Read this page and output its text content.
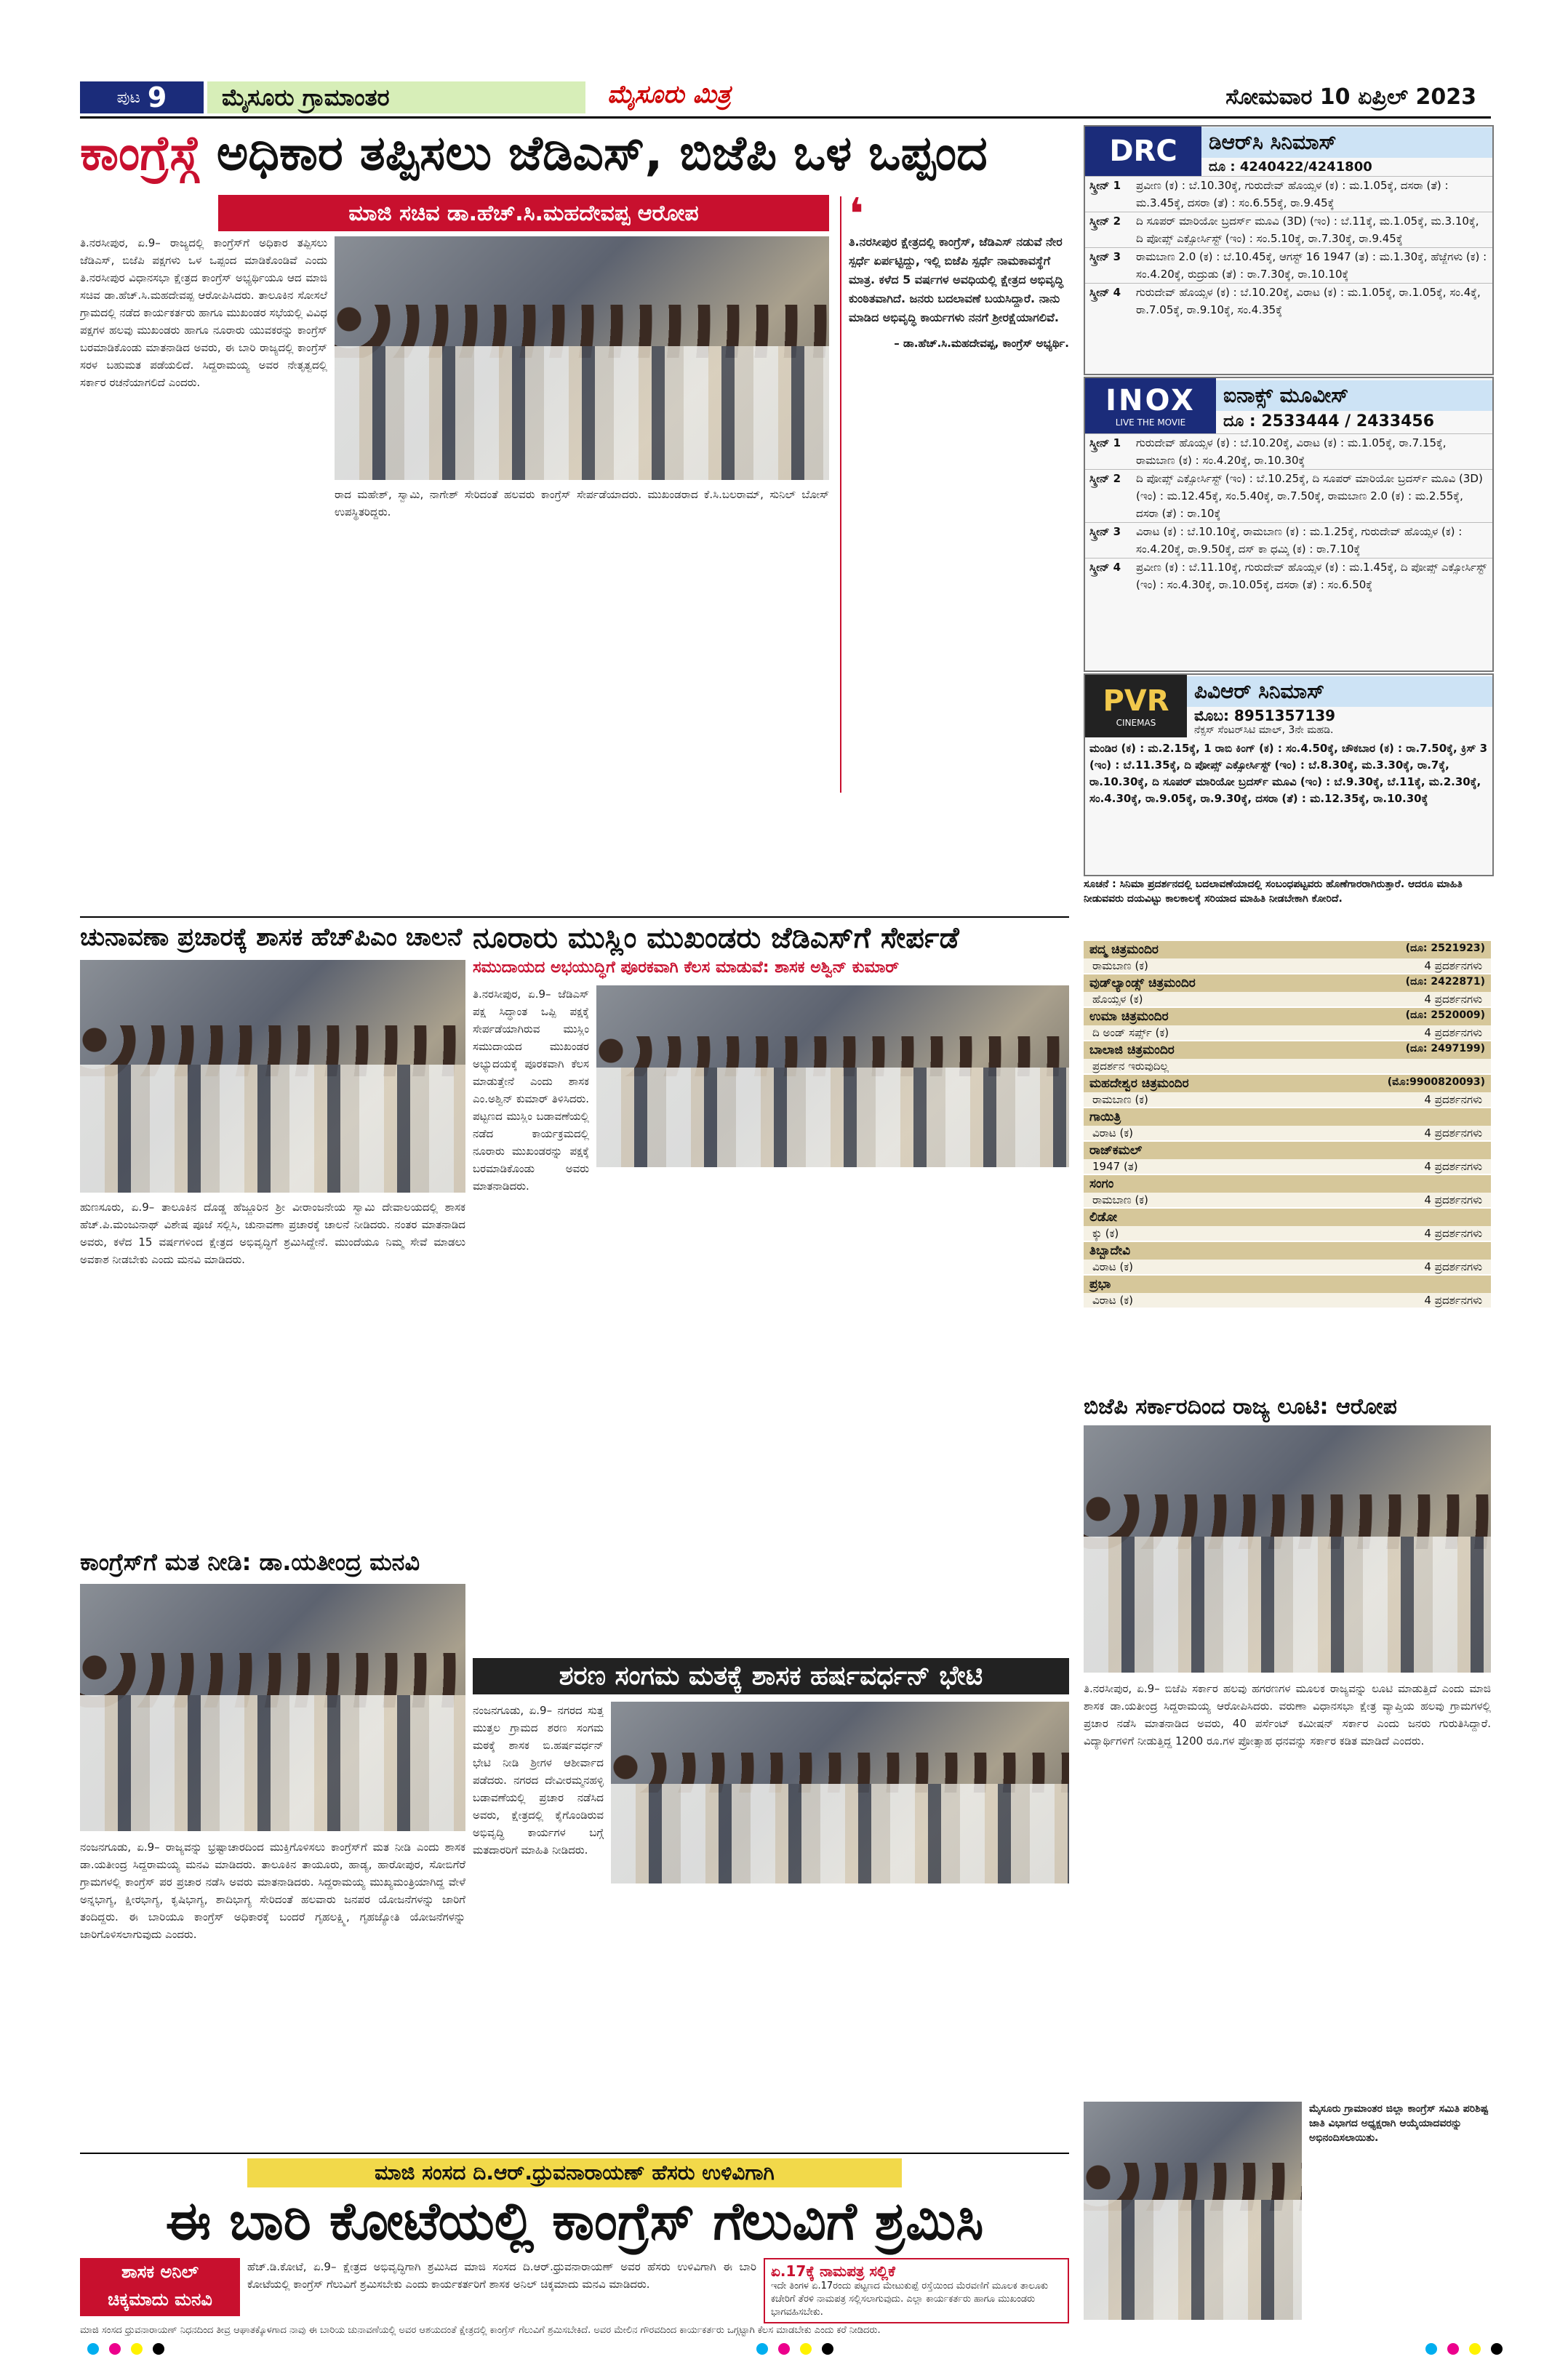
ಪುಟ 9	ಮೈಸೂರು ಗ್ರಾಮಾಂತರ	ಮೈಸೂರು ಮಿತ್ರ	ಸೋಮವಾರ 10 ಏಪ್ರಿಲ್ 2023
ಕಾಂಗ್ರೆಸ್ಗೆ ಅಧಿಕಾರ ತಪ್ಪಿಸಲು ಜೆಡಿಎಸ್, ಬಿಜೆಪಿ ಒಳ ಒಪ್ಪಂದ
ಮಾಜಿ ಸಚಿವ ಡಾ.ಹೆಚ್.ಸಿ.ಮಹದೇವಪ್ಪ ಆರೋಪ
ತಿ.ನರಸೀಪುರ, ಏ.9– ರಾಜ್ಯದಲ್ಲಿ ಕಾಂಗ್ರೆಸ್‌ಗೆ ಅಧಿಕಾರ ತಪ್ಪಿಸಲು ಜೆಡಿಎಸ್, ಬಿಜೆಪಿ ಪಕ್ಷಗಳು ಒಳ ಒಪ್ಪಂದ ಮಾಡಿಕೊಂಡಿವೆ ಎಂದು ತಿ.ನರಸೀಪುರ ವಿಧಾನಸಭಾ ಕ್ಷೇತ್ರದ ಕಾಂಗ್ರೆಸ್ ಅಭ್ಯರ್ಥಿಯೂ ಆದ ಮಾಜಿ ಸಚಿವ ಡಾ.ಹೆಚ್.ಸಿ.ಮಹದೇವಪ್ಪ ಆರೋಪಿಸಿದರು. ತಾಲೂಕಿನ ಸೋಸಲೆ ಗ್ರಾಮದಲ್ಲಿ ನಡೆದ ಕಾರ್ಯಕರ್ತರು ಹಾಗೂ ಮುಖಂಡರ ಸಭೆಯಲ್ಲಿ ವಿವಿಧ ಪಕ್ಷಗಳ ಹಲವು ಮುಖಂಡರು ಹಾಗೂ ನೂರಾರು ಯುವಕರನ್ನು ಕಾಂಗ್ರೆಸ್ ಬರಮಾಡಿಕೊಂಡು ಮಾತನಾಡಿದ ಅವರು, ಈ ಬಾರಿ ರಾಜ್ಯದಲ್ಲಿ ಕಾಂಗ್ರೆಸ್ ಸರಳ ಬಹುಮತ ಪಡೆಯಲಿದೆ. ಸಿದ್ದರಾಮಯ್ಯ ಅವರ ನೇತೃತ್ವದಲ್ಲಿ ಸರ್ಕಾರ ರಚನೆಯಾಗಲಿದೆ ಎಂದರು.
ರಾದ ಮಹೇಶ್, ಸ್ವಾಮಿ, ನಾಗೇಶ್ ಸೇರಿದಂತೆ ಹಲವರು ಕಾಂಗ್ರೆಸ್ ಸೇರ್ಪಡೆಯಾದರು. ಮುಖಂಡರಾದ ಕೆ.ಸಿ.ಬಲರಾಮ್, ಸುನಿಲ್ ಬೋಸ್ ಉಪಸ್ಥಿತರಿದ್ದರು.
❛
ತಿ.ನರಸೀಪುರ ಕ್ಷೇತ್ರದಲ್ಲಿ ಕಾಂಗ್ರೆಸ್, ಜೆಡಿಎಸ್ ನಡುವೆ ನೇರ ಸ್ಪರ್ಧೆ ಏರ್ಪಟ್ಟಿದ್ದು, ಇಲ್ಲಿ ಬಿಜೆಪಿ ಸ್ಪರ್ಧೆ ನಾಮಕಾವಸ್ಥೆಗೆ ಮಾತ್ರ. ಕಳೆದ 5 ವರ್ಷಗಳ ಅವಧಿಯಲ್ಲಿ ಕ್ಷೇತ್ರದ ಅಭಿವೃದ್ಧಿ ಕುಂಠಿತವಾಗಿದೆ. ಜನರು ಬದಲಾವಣೆ ಬಯಸಿದ್ದಾರೆ. ನಾನು ಮಾಡಿದ ಅಭಿವೃದ್ಧಿ ಕಾರ್ಯಗಳು ನನಗೆ ಶ್ರೀರಕ್ಷೆಯಾಗಲಿವೆ.
– ಡಾ.ಹೆಚ್.ಸಿ.ಮಹದೇವಪ್ಪ, ಕಾಂಗ್ರೆಸ್ ಅಭ್ಯರ್ಥಿ.
ಚುನಾವಣಾ ಪ್ರಚಾರಕ್ಕೆ ಶಾಸಕ ಹೆಚ್‌ಪಿಎಂ ಚಾಲನೆ
ಹುಣಸೂರು, ಏ.9– ತಾಲೂಕಿನ ದೊಡ್ಡ ಹೆಜ್ಜೂರಿನ ಶ್ರೀ ವೀರಾಂಜನೇಯ ಸ್ವಾಮಿ ದೇವಾಲಯದಲ್ಲಿ ಶಾಸಕ ಹೆಚ್.ಪಿ.ಮಂಜುನಾಥ್ ವಿಶೇಷ ಪೂಜೆ ಸಲ್ಲಿಸಿ, ಚುನಾವಣಾ ಪ್ರಚಾರಕ್ಕೆ ಚಾಲನೆ ನೀಡಿದರು. ನಂತರ ಮಾತನಾಡಿದ ಅವರು, ಕಳೆದ 15 ವರ್ಷಗಳಿಂದ ಕ್ಷೇತ್ರದ ಅಭಿವೃದ್ಧಿಗೆ ಶ್ರಮಿಸಿದ್ದೇನೆ. ಮುಂದೆಯೂ ನಿಮ್ಮ ಸೇವೆ ಮಾಡಲು ಅವಕಾಶ ನೀಡಬೇಕು ಎಂದು ಮನವಿ ಮಾಡಿದರು.
ನೂರಾರು ಮುಸ್ಲಿಂ ಮುಖಂಡರು ಜೆಡಿಎಸ್‌ಗೆ ಸೇರ್ಪಡೆ
ಸಮುದಾಯದ ಅಭಯುದ್ಧಿಗೆ ಪೂರಕವಾಗಿ ಕೆಲಸ ಮಾಡುವೆ: ಶಾಸಕ ಅಶ್ವಿನ್ ಕುಮಾರ್
ತಿ.ನರಸೀಪುರ, ಏ.9– ಜೆಡಿಎಸ್ ಪಕ್ಷ ಸಿದ್ಧಾಂತ ಒಪ್ಪಿ ಪಕ್ಷಕ್ಕೆ ಸೇರ್ಪಡೆಯಾಗಿರುವ ಮುಸ್ಲಿಂ ಸಮುದಾಯದ ಮುಖಂಡರ ಅಭ್ಯುದಯಕ್ಕೆ ಪೂರಕವಾಗಿ ಕೆಲಸ ಮಾಡುತ್ತೇನೆ ಎಂದು ಶಾಸಕ ಎಂ.ಅಶ್ವಿನ್ ಕುಮಾರ್ ತಿಳಿಸಿದರು. ಪಟ್ಟಣದ ಮುಸ್ಲಿಂ ಬಡಾವಣೆಯಲ್ಲಿ ನಡೆದ ಕಾರ್ಯಕ್ರಮದಲ್ಲಿ ನೂರಾರು ಮುಖಂಡರನ್ನು ಪಕ್ಷಕ್ಕೆ ಬರಮಾಡಿಕೊಂಡು ಅವರು ಮಾತನಾಡಿದರು.
ಕಾಂಗ್ರೆಸ್‌ಗೆ ಮತ ನೀಡಿ: ಡಾ.ಯತೀಂದ್ರ ಮನವಿ
ನಂಜನಗೂಡು, ಏ.9– ರಾಜ್ಯವನ್ನು ಭ್ರಷ್ಟಾಚಾರದಿಂದ ಮುಕ್ತಿಗೊಳಿಸಲು ಕಾಂಗ್ರೆಸ್‌ಗೆ ಮತ ನೀಡಿ ಎಂದು ಶಾಸಕ ಡಾ.ಯತೀಂದ್ರ ಸಿದ್ದರಾಮಯ್ಯ ಮನವಿ ಮಾಡಿದರು. ತಾಲೂಕಿನ ತಾಯೂರು, ಹಾಡ್ಯ, ಹಾರೋಪುರ, ಸೋಬಿಗೆರೆ ಗ್ರಾಮಗಳಲ್ಲಿ ಕಾಂಗ್ರೆಸ್ ಪರ ಪ್ರಚಾರ ನಡೆಸಿ ಅವರು ಮಾತನಾಡಿದರು. ಸಿದ್ದರಾಮಯ್ಯ ಮುಖ್ಯಮಂತ್ರಿಯಾಗಿದ್ದ ವೇಳೆ ಅನ್ನಭಾಗ್ಯ, ಕ್ಷೀರಭಾಗ್ಯ, ಕೃಷಿಭಾಗ್ಯ, ಶಾದಿಭಾಗ್ಯ ಸೇರಿದಂತೆ ಹಲವಾರು ಜನಪರ ಯೋಜನೆಗಳನ್ನು ಜಾರಿಗೆ ತಂದಿದ್ದರು. ಈ ಬಾರಿಯೂ ಕಾಂಗ್ರೆಸ್ ಅಧಿಕಾರಕ್ಕೆ ಬಂದರೆ ಗೃಹಲಕ್ಷ್ಮಿ, ಗೃಹಜ್ಯೋತಿ ಯೋಜನೆಗಳನ್ನು ಜಾರಿಗೊಳಿಸಲಾಗುವುದು ಎಂದರು.
ಶರಣ ಸಂಗಮ ಮತಕ್ಕೆ ಶಾಸಕ ಹರ್ಷವರ್ಧನ್ ಭೇಟಿ
ನಂಜನಗೂಡು, ಏ.9– ನಗರದ ಸುತ್ತ ಮುತ್ತಲ ಗ್ರಾಮದ ಶರಣ ಸಂಗಮ ಮಠಕ್ಕೆ ಶಾಸಕ ಬಿ.ಹರ್ಷವರ್ಧನ್ ಭೇಟಿ ನೀಡಿ ಶ್ರೀಗಳ ಆಶೀರ್ವಾದ ಪಡೆದರು. ನಗರದ ದೇವೀರಮ್ಮನಹಳ್ಳಿ ಬಡಾವಣೆಯಲ್ಲಿ ಪ್ರಚಾರ ನಡೆಸಿದ ಅವರು, ಕ್ಷೇತ್ರದಲ್ಲಿ ಕೈಗೊಂಡಿರುವ ಅಭಿವೃದ್ಧಿ ಕಾರ್ಯಗಳ ಬಗ್ಗೆ ಮತದಾರರಿಗೆ ಮಾಹಿತಿ ನೀಡಿದರು.
ಬಿಜೆಪಿ ಸರ್ಕಾರದಿಂದ ರಾಜ್ಯ ಲೂಟಿ: ಆರೋಪ
ತಿ.ನರಸೀಪುರ, ಏ.9– ಬಿಜೆಪಿ ಸರ್ಕಾರ ಹಲವು ಹಗರಣಗಳ ಮೂಲಕ ರಾಜ್ಯವನ್ನು ಲೂಟಿ ಮಾಡುತ್ತಿದೆ ಎಂದು ಮಾಜಿ ಶಾಸಕ ಡಾ.ಯತೀಂದ್ರ ಸಿದ್ದರಾಮಯ್ಯ ಆರೋಪಿಸಿದರು. ವರುಣಾ ವಿಧಾನಸಭಾ ಕ್ಷೇತ್ರ ವ್ಯಾಪ್ತಿಯ ಹಲವು ಗ್ರಾಮಗಳಲ್ಲಿ ಪ್ರಚಾರ ನಡೆಸಿ ಮಾತನಾಡಿದ ಅವರು, 40 ಪರ್ಸೆಂಟ್ ಕಮೀಷನ್ ಸರ್ಕಾರ ಎಂದು ಜನರು ಗುರುತಿಸಿದ್ದಾರೆ. ವಿದ್ಯಾರ್ಥಿಗಳಿಗೆ ನೀಡುತ್ತಿದ್ದ 1200 ರೂ.ಗಳ ಪ್ರೋತ್ಸಾಹ ಧನವನ್ನು ಸರ್ಕಾರ ಕಡಿತ ಮಾಡಿದೆ ಎಂದರು.
ಮಾಜಿ ಸಂಸದ ದಿ.ಆರ್.ಧ್ರುವನಾರಾಯಣ್ ಹೆಸರು ಉಳಿವಿಗಾಗಿ
ಈ ಬಾರಿ ಕೋಟೆಯಲ್ಲಿ ಕಾಂಗ್ರೆಸ್ ಗೆಲುವಿಗೆ ಶ್ರಮಿಸಿ
ಶಾಸಕ ಅನಿಲ್
ಚಿಕ್ಕಮಾದು ಮನವಿ
ಹೆಚ್.ಡಿ.ಕೋಟೆ, ಏ.9– ಕ್ಷೇತ್ರದ ಅಭಿವೃದ್ಧಿಗಾಗಿ ಶ್ರಮಿಸಿದ ಮಾಜಿ ಸಂಸದ ದಿ.ಆರ್.ಧ್ರುವನಾರಾಯಣ್ ಅವರ ಹೆಸರು ಉಳಿವಿಗಾಗಿ ಈ ಬಾರಿ ಕೋಟೆಯಲ್ಲಿ ಕಾಂಗ್ರೆಸ್ ಗೆಲುವಿಗೆ ಶ್ರಮಿಸಬೇಕು ಎಂದು ಕಾರ್ಯಕರ್ತರಿಗೆ ಶಾಸಕ ಅನಿಲ್ ಚಿಕ್ಕಮಾದು ಮನವಿ ಮಾಡಿದರು.
ಏ.17ಕ್ಕೆ ನಾಮಪತ್ರ ಸಲ್ಲಿಕೆ
ಇದೇ ತಿಂಗಳ ಏ.17ರಂದು ಪಟ್ಟಣದ ಮೇಟುಕುಪ್ಪೆ ರಸ್ತೆಯಿಂದ ಮೆರವಣಿಗೆ ಮೂಲಕ ತಾಲೂಕು ಕಚೇರಿಗೆ ತೆರಳಿ ನಾಮಪತ್ರ ಸಲ್ಲಿಸಲಾಗುವುದು. ಎಲ್ಲಾ ಕಾರ್ಯಕರ್ತರು ಹಾಗೂ ಮುಖಂಡರು ಭಾಗವಹಿಸಬೇಕು.
ಮಾಜಿ ಸಂಸದ ಧ್ರುವನಾರಾಯಣ್ ನಿಧನದಿಂದ ತೀವ್ರ ಆಘಾತಕ್ಕೊಳಗಾದ ನಾವು ಈ ಬಾರಿಯ ಚುನಾವಣೆಯಲ್ಲಿ ಅವರ ಆಶಯದಂತೆ ಕ್ಷೇತ್ರದಲ್ಲಿ ಕಾಂಗ್ರೆಸ್ ಗೆಲುವಿಗೆ ಶ್ರಮಿಸಬೇಕಿದೆ. ಅವರ ಮೇಲಿನ ಗೌರವದಿಂದ ಕಾರ್ಯಕರ್ತರು ಒಗ್ಗಟ್ಟಾಗಿ ಕೆಲಸ ಮಾಡಬೇಕು ಎಂದು ಕರೆ ನೀಡಿದರು.
ಮೈಸೂರು ಗ್ರಾಮಾಂತರ ಜಿಲ್ಲಾ ಕಾಂಗ್ರೆಸ್ ಸಮಿತಿ ಪರಿಶಿಷ್ಟ ಜಾತಿ ವಿಭಾಗದ ಅಧ್ಯಕ್ಷರಾಗಿ ಆಯ್ಕೆಯಾದವರನ್ನು ಅಭಿನಂದಿಸಲಾಯಿತು.
DRC	ಡಿಆರ್‌ಸಿ ಸಿನಿಮಾಸ್
ದೂ : 4240422/4241800
ಸ್ಕ್ರೀನ್ 1	ಪ್ರವೀಣ (ಕ) : ಬೆ.10.30ಕ್ಕೆ, ಗುರುದೇವ್ ಹೊಯ್ಸಳ (ಕ) : ಮ.1.05ಕ್ಕೆ, ದಸರಾ (ತೆ) : ಮ.3.45ಕ್ಕೆ, ದಸರಾ (ತೆ) : ಸಂ.6.55ಕ್ಕೆ, ರಾ.9.45ಕ್ಕೆ
ಸ್ಕ್ರೀನ್ 2	ದಿ ಸೂಪರ್ ಮಾರಿಯೋ ಬ್ರದರ್ಸ್ ಮೂವಿ (3D) (ಇಂ) : ಬೆ.11ಕ್ಕೆ, ಮ.1.05ಕ್ಕೆ, ಮ.3.10ಕ್ಕೆ, ದಿ ಪೋಪ್ಸ್ ಎಕ್ಸೋರ್ಸಿಸ್ಟ್ (ಇಂ) : ಸಂ.5.10ಕ್ಕೆ, ರಾ.7.30ಕ್ಕೆ, ರಾ.9.45ಕ್ಕೆ
ಸ್ಕ್ರೀನ್ 3	ರಾಮಬಾಣ 2.0 (ಕ) : ಬೆ.10.45ಕ್ಕೆ, ಆಗಸ್ಟ್ 16 1947 (ತ) : ಮ.1.30ಕ್ಕೆ, ಹೆಜ್ಜೆಗಳು (ಕ) : ಸಂ.4.20ಕ್ಕೆ, ರುದ್ರುಡು (ತೆ) : ರಾ.7.30ಕ್ಕೆ, ರಾ.10.10ಕ್ಕೆ
ಸ್ಕ್ರೀನ್ 4	ಗುರುದೇವ್ ಹೊಯ್ಸಳ (ಕ) : ಬೆ.10.20ಕ್ಕೆ, ವಿರಾಟ (ಕ) : ಮ.1.05ಕ್ಕೆ, ರಾ.1.05ಕ್ಕೆ, ಸಂ.4ಕ್ಕೆ, ರಾ.7.05ಕ್ಕೆ, ರಾ.9.10ಕ್ಕೆ, ಸಂ.4.35ಕ್ಕೆ
INOX
LIVE THE MOVIE
ಐನಾಕ್ಸ್ ಮೂವೀಸ್
ದೂ : 2533444 / 2433456
ಸ್ಕ್ರೀನ್ 1	ಗುರುದೇವ್ ಹೊಯ್ಸಳ (ಕ) : ಬೆ.10.20ಕ್ಕೆ, ವಿರಾಟ (ಕ) : ಮ.1.05ಕ್ಕೆ, ರಾ.7.15ಕ್ಕೆ, ರಾಮಬಾಣ (ಕ) : ಸಂ.4.20ಕ್ಕೆ, ರಾ.10.30ಕ್ಕೆ
ಸ್ಕ್ರೀನ್ 2	ದಿ ಪೋಪ್ಸ್ ಎಕ್ಸೋರ್ಸಿಸ್ಟ್ (ಇಂ) : ಬೆ.10.25ಕ್ಕೆ, ದಿ ಸೂಪರ್ ಮಾರಿಯೋ ಬ್ರದರ್ಸ್ ಮೂವಿ (3D) (ಇಂ) : ಮ.12.45ಕ್ಕೆ, ಸಂ.5.40ಕ್ಕೆ, ರಾ.7.50ಕ್ಕೆ, ರಾಮಬಾಣ 2.0 (ಕ) : ಮ.2.55ಕ್ಕೆ, ದಸರಾ (ತೆ) : ರಾ.10ಕ್ಕೆ
ಸ್ಕ್ರೀನ್ 3	ವಿರಾಟ (ಕ) : ಬೆ.10.10ಕ್ಕೆ, ರಾಮಬಾಣ (ಕ) : ಮ.1.25ಕ್ಕೆ, ಗುರುದೇವ್ ಹೊಯ್ಸಳ (ಕ) : ಸಂ.4.20ಕ್ಕೆ, ರಾ.9.50ಕ್ಕೆ, ದಸ್ ಕಾ ಧಮ್ಕಿ (ಕ) : ರಾ.7.10ಕ್ಕೆ
ಸ್ಕ್ರೀನ್ 4	ಪ್ರವೀಣ (ಕ) : ಬೆ.11.10ಕ್ಕೆ, ಗುರುದೇವ್ ಹೊಯ್ಸಳ (ಕ) : ಮ.1.45ಕ್ಕೆ, ದಿ ಪೋಪ್ಸ್ ಎಕ್ಸೋರ್ಸಿಸ್ಟ್ (ಇಂ) : ಸಂ.4.30ಕ್ಕೆ, ರಾ.10.05ಕ್ಕೆ, ದಸರಾ (ತೆ) : ಸಂ.6.50ಕ್ಕೆ
PVR
CINEMAS
ಪಿವಿಆರ್ ಸಿನಿಮಾಸ್
ಮೊಬ: 8951357139
ನೆಕ್ಸಸ್ ಸೆಂಟರ್‌ಸಿಟಿ ಮಾಲ್, 3ನೇ ಮಹಡಿ.
ಮಂಡಿರ (ಕ) : ಮ.2.15ಕ್ಕೆ, 1 ರಾಬಿ ಕಿಂಗ್ (ಕ) : ಸಂ.4.50ಕ್ಕೆ, ಚೌಕಬಾರ (ಕ) : ರಾ.7.50ಕ್ಕೆ, ಕ್ರಿಸ್ 3 (ಇಂ) : ಬೆ.11.35ಕ್ಕೆ, ದಿ ಪೋಪ್ಸ್ ಎಕ್ಸೋರ್ಸಿಸ್ಟ್ (ಇಂ) : ಬೆ.8.30ಕ್ಕೆ, ಮ.3.30ಕ್ಕೆ, ರಾ.7ಕ್ಕೆ, ರಾ.10.30ಕ್ಕೆ, ದಿ ಸೂಪರ್ ಮಾರಿಯೋ ಬ್ರದರ್ಸ್ ಮೂವಿ (ಇಂ) : ಬೆ.9.30ಕ್ಕೆ, ಬೆ.11ಕ್ಕೆ, ಮ.2.30ಕ್ಕೆ, ಸಂ.4.30ಕ್ಕೆ, ರಾ.9.05ಕ್ಕೆ, ರಾ.9.30ಕ್ಕೆ, ದಸರಾ (ತೆ) : ಮ.12.35ಕ್ಕೆ, ರಾ.10.30ಕ್ಕೆ
ಸೂಚನೆ : ಸಿನಿಮಾ ಪ್ರದರ್ಶನದಲ್ಲಿ ಬದಲಾವಣೆಯಾದಲ್ಲಿ ಸಂಬಂಧಪಟ್ಟವರು ಹೊಣೆಗಾರರಾಗಿರುತ್ತಾರೆ. ಆದರೂ ಮಾಹಿತಿ ನೀಡುವವರು ದಯವಿಟ್ಟು ಕಾಲಕಾಲಕ್ಕೆ ಸರಿಯಾದ ಮಾಹಿತಿ ನೀಡಬೇಕಾಗಿ ಕೋರಿದೆ.
ಪದ್ಮ ಚಿತ್ರಮಂದಿರ	(ದೂ: 2521923)
ರಾಮಬಾಣ (ಕ)	4 ಪ್ರದರ್ಶನಗಳು
ವುಡ್‌ಲ್ಯಾಂಡ್ಸ್ ಚಿತ್ರಮಂದಿರ	(ದೂ: 2422871)
ಹೊಯ್ಸಳ (ಕ)	4 ಪ್ರದರ್ಶನಗಳು
ಉಮಾ ಚಿತ್ರಮಂದಿರ	(ದೂ: 2520009)
ದಿ ಅಂಡ್ ಸರ್ಪ್ಸ್ (ಕ)	4 ಪ್ರದರ್ಶನಗಳು
ಬಾಲಾಜಿ ಚಿತ್ರಮಂದಿರ	(ದೂ: 2497199)
ಪ್ರದರ್ಶನ ಇರುವುದಿಲ್ಲ
ಮಹದೇಶ್ವರ ಚಿತ್ರಮಂದಿರ	(ಮೊ:9900820093)
ರಾಮಬಾಣ (ಕ)	4 ಪ್ರದರ್ಶನಗಳು
ಗಾಯಿತ್ರಿ
ವಿರಾಟ (ಕ)	4 ಪ್ರದರ್ಶನಗಳು
ರಾಜ್‌ಕಮಲ್
1947 (ತ)	4 ಪ್ರದರ್ಶನಗಳು
ಸಂಗಂ
ರಾಮಬಾಣ (ಕ)	4 ಪ್ರದರ್ಶನಗಳು
ಲಿಡೋ
ಕ್ಕು (ಕ)	4 ಪ್ರದರ್ಶನಗಳು
ತಿಬ್ಬಾದೇವಿ
ವಿರಾಟ (ಕ)	4 ಪ್ರದರ್ಶನಗಳು
ಪ್ರಭಾ
ವಿರಾಟ (ಕ)	4 ಪ್ರದರ್ಶನಗಳು
